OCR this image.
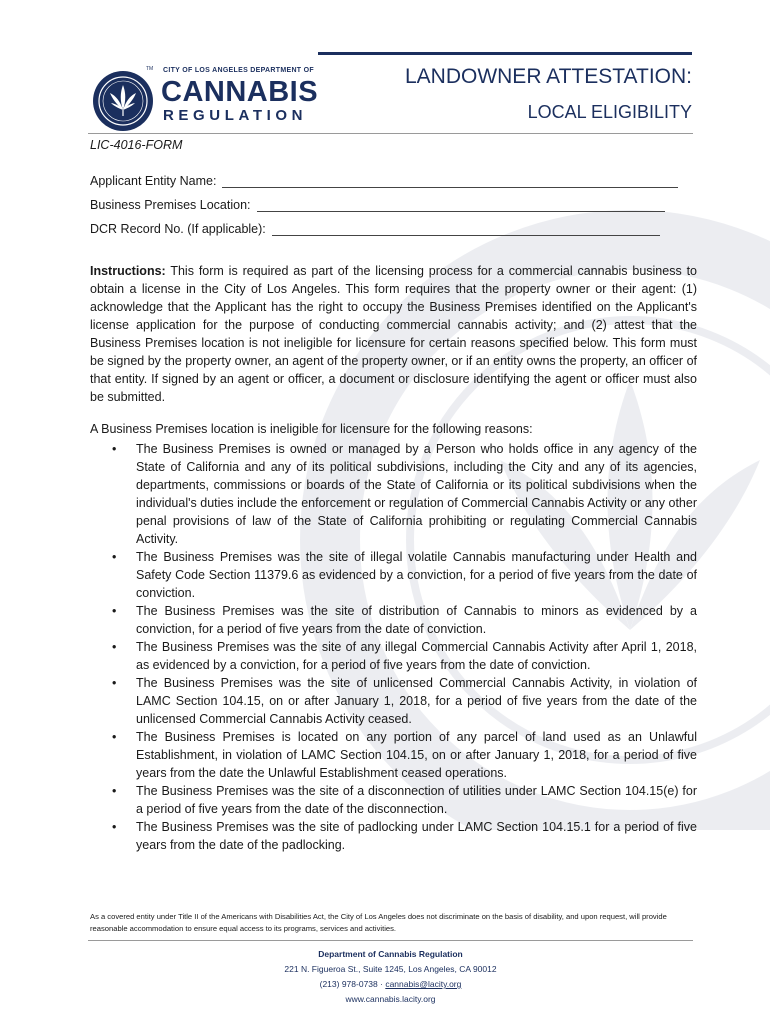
TM CITY OF LOS ANGELES DEPARTMENT OF
CANNABIS
REGULATION
LANDOWNER ATTESTATION:
LOCAL ELIGIBILITY
LIC-4016-FORM
Applicant Entity Name:
Business Premises Location:
DCR Record No. (If applicable):
Instructions: This form is required as part of the licensing process for a commercial cannabis business to obtain a license in the City of Los Angeles. This form requires that the property owner or their agent: (1) acknowledge that the Applicant has the right to occupy the Business Premises identified on the Applicant's license application for the purpose of conducting commercial cannabis activity; and (2) attest that the Business Premises location is not ineligible for licensure for certain reasons specified below. This form must be signed by the property owner, an agent of the property owner, or if an entity owns the property, an officer of that entity. If signed by an agent or officer, a document or disclosure identifying the agent or officer must also be submitted.
A Business Premises location is ineligible for licensure for the following reasons:
• The Business Premises is owned or managed by a Person who holds office in any agency of the State of California and any of its political subdivisions, including the City and any of its agencies, departments, commissions or boards of the State of California or its political subdivisions when the individual's duties include the enforcement or regulation of Commercial Cannabis Activity or any other penal provisions of law of the State of California prohibiting or regulating Commercial Cannabis Activity.
• The Business Premises was the site of illegal volatile Cannabis manufacturing under Health and Safety Code Section 11379.6 as evidenced by a conviction, for a period of five years from the date of conviction.
• The Business Premises was the site of distribution of Cannabis to minors as evidenced by a conviction, for a period of five years from the date of conviction.
• The Business Premises was the site of any illegal Commercial Cannabis Activity after April 1, 2018, as evidenced by a conviction, for a period of five years from the date of conviction.
• The Business Premises was the site of unlicensed Commercial Cannabis Activity, in violation of LAMC Section 104.15, on or after January 1, 2018, for a period of five years from the date of the unlicensed Commercial Cannabis Activity ceased.
• The Business Premises is located on any portion of any parcel of land used as an Unlawful Establishment, in violation of LAMC Section 104.15, on or after January 1, 2018, for a period of five years from the date the Unlawful Establishment ceased operations.
• The Business Premises was the site of a disconnection of utilities under LAMC Section 104.15(e) for a period of five years from the date of the disconnection.
• The Business Premises was the site of padlocking under LAMC Section 104.15.1 for a period of five years from the date of the padlocking.
As a covered entity under Title II of the Americans with Disabilities Act, the City of Los Angeles does not discriminate on the basis of disability, and upon request, will provide reasonable accommodation to ensure equal access to its programs, services and activities.
Department of Cannabis Regulation
221 N. Figueroa St., Suite 1245, Los Angeles, CA 90012
(213) 978-0738 · cannabis@lacity.org
www.cannabis.lacity.org
